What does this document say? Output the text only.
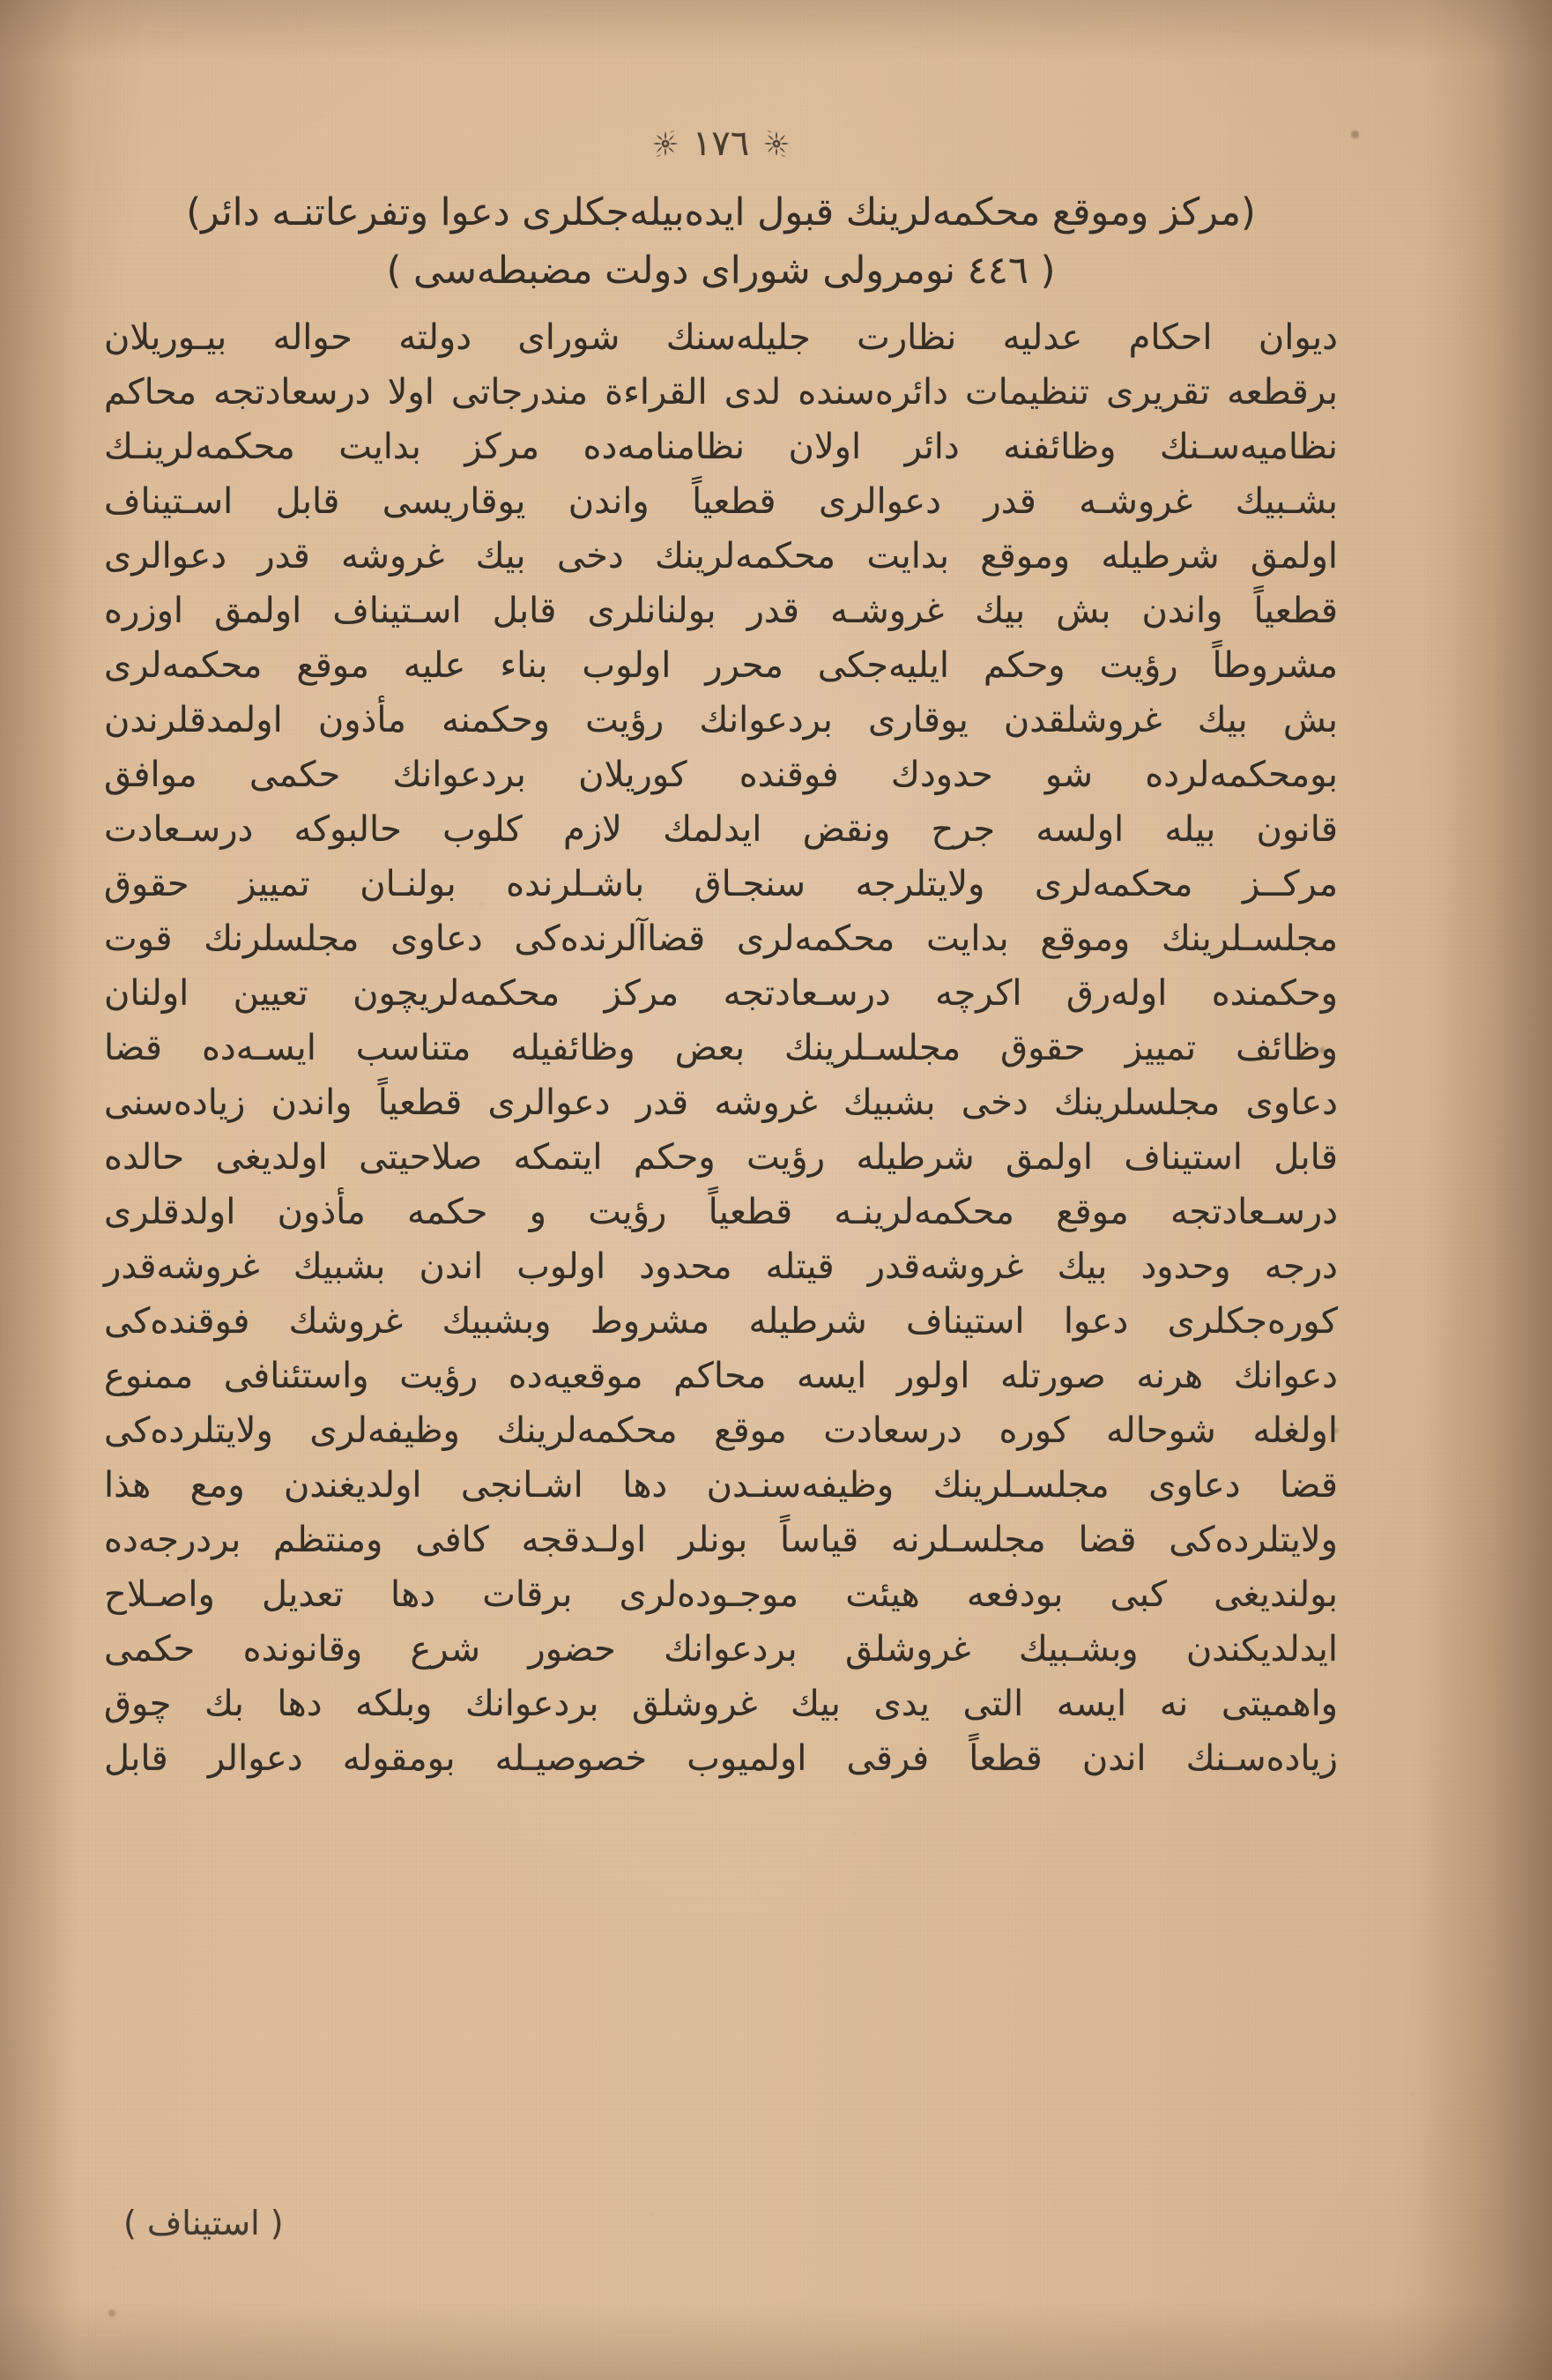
١٧٦
(مركز وموقع محكمه‌لرينك قبول ايده‌بيله‌جكلرى دعوا وتفرعاتنـه دائر)
( ٤٤٦ نومرولى شوراى دولت مضبطه‌سى )
ديوان احكام عدليه نظارت جليله‌سنك شوراى دولته حواله بيـوريلان
برقطعه تقريرى تنظيمات دائره‌سنده لدى القراءة مندرجاتى اولا درسعادتجه محاكم
نظاميه‌سـنك وظائفنه دائر اولان نظامنامه‌ده مركز بدايت محكمه‌لرينـك
بشـبيك غروشـه قدر دعوالرى قطعياً واندن يوقاريسى قابل اسـتيناف
اولمق شرطيله وموقع بدايت محكمه‌لرينك دخى بيك غروشه قدر دعوالرى
قطعياً واندن بش بيك غروشـه قدر بولنانلرى قابل اسـتيناف اولمق اوزره
مشروطاً رؤيت وحكم ايليه‌جكى محرر اولوب بناء عليه موقع محكمه‌لرى
بش بيك غروشلقدن يوقارى بردعوانك رؤيت وحكمنه مأذون اولمدقلرندن
بومحكمه‌لرده شو حدودك فوقنده كوريلان بردعوانك حكمى موافق
قانون بيله اولسه جرح ونقض ايدلمك لازم كلوب حالبوكه درسـعادت
مركــز محكمه‌لرى ولايتلرجه سنجـاق باشـلرنده بولنـان تمييز حقوق
مجلسـلرينك وموقع بدايت محكمه‌لرى قضاآلرنده‌كى دعاوى مجلسلرنك قوت
وحكمنده اوله‌رق اكرچه درسـعادتجه مركز محكمه‌لريچون تعيين اولنان
وظائف تمييز حقوق مجلسـلرينك بعض وظائفيله متناسب ايسـه‌ده قضا
دعاوى مجلسلرينك دخى بشبيك غروشه قدر دعوالرى قطعياً واندن زياده‌سنى
قابل استيناف اولمق شرطيله رؤيت وحكم ايتمكه صلاحيتى اولديغى حالده
درسـعادتجه موقع محكمه‌لرينـه قطعياً رؤيت و حكمه مأذون اولدقلرى
درجه وحدود بيك غروشه‌قدر قيتله محدود اولوب اندن بشبيك غروشه‌قدر
كوره‌جكلرى دعوا استيناف شرطيله مشروط وبشبيك غروشك فوقنده‌كى
دعوانك هرنه صورتله اولور ايسه محاكم موقعيه‌ده رؤيت واستئنافى ممنوع
اولغله شوحاله كوره درسعادت موقع محكمه‌لرينك وظيفه‌لرى ولايتلرده‌كى
قضا دعاوى مجلسـلرينك وظيفه‌سنـدن دها اشـانجى اولديغندن ومع هذا
ولايتلرده‌كى قضا مجلسـلرنه قياساً بونلر اولـدقجه كافى ومنتظم بردرجه‌ده
بولنديغى كبى بودفعه هيئت موجـوده‌لرى برقات دها تعديل واصـلاح
ايدلديكندن وبشـبيك غروشلق بردعوانك حضور شرع وقانونده حكمى
واهميتى نه ايسه التى يدى بيك غروشلق بردعوانك وبلكه دها بك چوق
زياده‌سـنك اندن قطعاً فرقى اولميوب خصوصيـله بومقوله دعوالر قابل
( استيناف )
